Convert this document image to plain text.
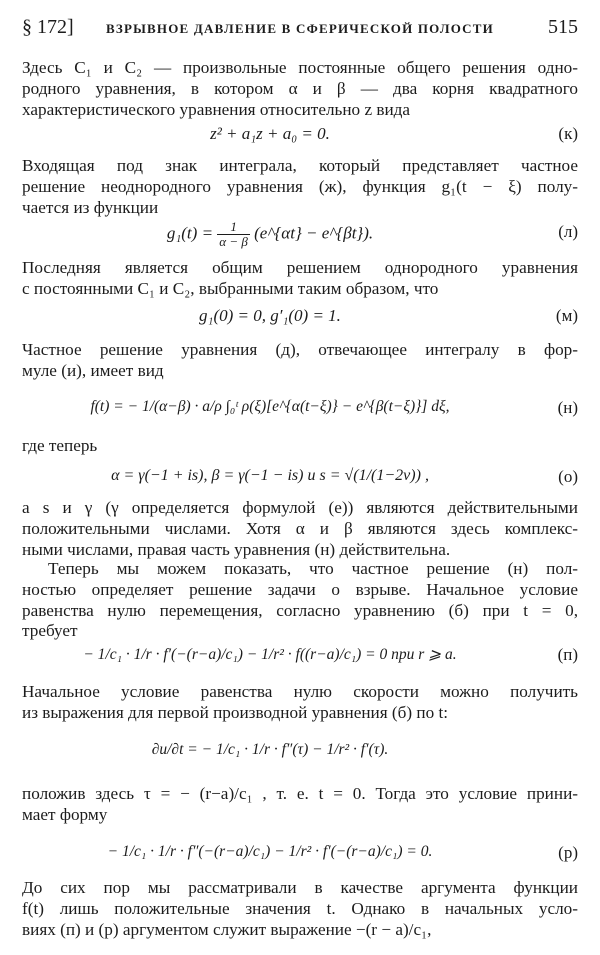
§ 172]	ВЗРЫВНОЕ ДАВЛЕНИЕ В СФЕРИЧЕСКОЙ ПОЛОСТИ	515
Здесь C₁ и C₂ — произвольные постоянные общего решения одно-
родного уравнения, в котором α и β — два корня квадратного
характеристического уравнения относительно z вида
z² + a₁z + a₀ = 0.	(к)
Входящая под знак интеграла, который представляет частное
решение неоднородного уравнения (ж), функция g₁(t − ξ) полу-
чается из функции
$g_1(t) = \frac{1}{\alpha - \beta}$ (e^{αt} − e^{βt}).	(л)
Последняя является общим решением однородного уравнения
с постоянными C₁ и C₂, выбранными таким образом, что
g₁(0) = 0, g′₁(0) = 1.	(м)
Частное решение уравнения (д), отвечающее интегралу в фор-
муле (и), имеет вид
f(t) = − 1/(α−β) · a/ρ ∫₀ᵗ ρ(ξ)[e^{α(t−ξ)} − e^{β(t−ξ)}] dξ,	(н)
где теперь
α = γ(−1 + is), β = γ(−1 − is) и s = √(1/(1−2ν)) ,	(о)
a s и γ (γ определяется формулой (е)) являются действительными
положительными числами. Хотя α и β являются здесь комплекс-
ными числами, правая часть уравнения (н) действительна.
Теперь мы можем показать, что частное решение (н) пол-
ностью определяет решение задачи о взрыве. Начальное условие
равенства нулю перемещения, согласно уравнению (б) при t = 0,
требует
− 1/c₁ · 1/r · f′(−(r−a)/c₁) − 1/r² · f((r−a)/c₁) = 0 при r ⩾ a.	(п)
Начальное условие равенства нулю скорости можно получить
из выражения для первой производной уравнения (б) по t:
∂u/∂t = − 1/c₁ · 1/r · f″(τ) − 1/r² · f′(τ).
положив здесь τ = − (r−a)/c₁ , т. е. t = 0. Тогда это условие прини-
мает форму
− 1/c₁ · 1/r · f″(−(r−a)/c₁) − 1/r² · f′(−(r−a)/c₁) = 0.	(р)
До сих пор мы рассматривали в качестве аргумента функции
f(t) лишь положительные значения t. Однако в начальных усло-
виях (п) и (р) аргументом служит выражение −(r − a)/c₁,
